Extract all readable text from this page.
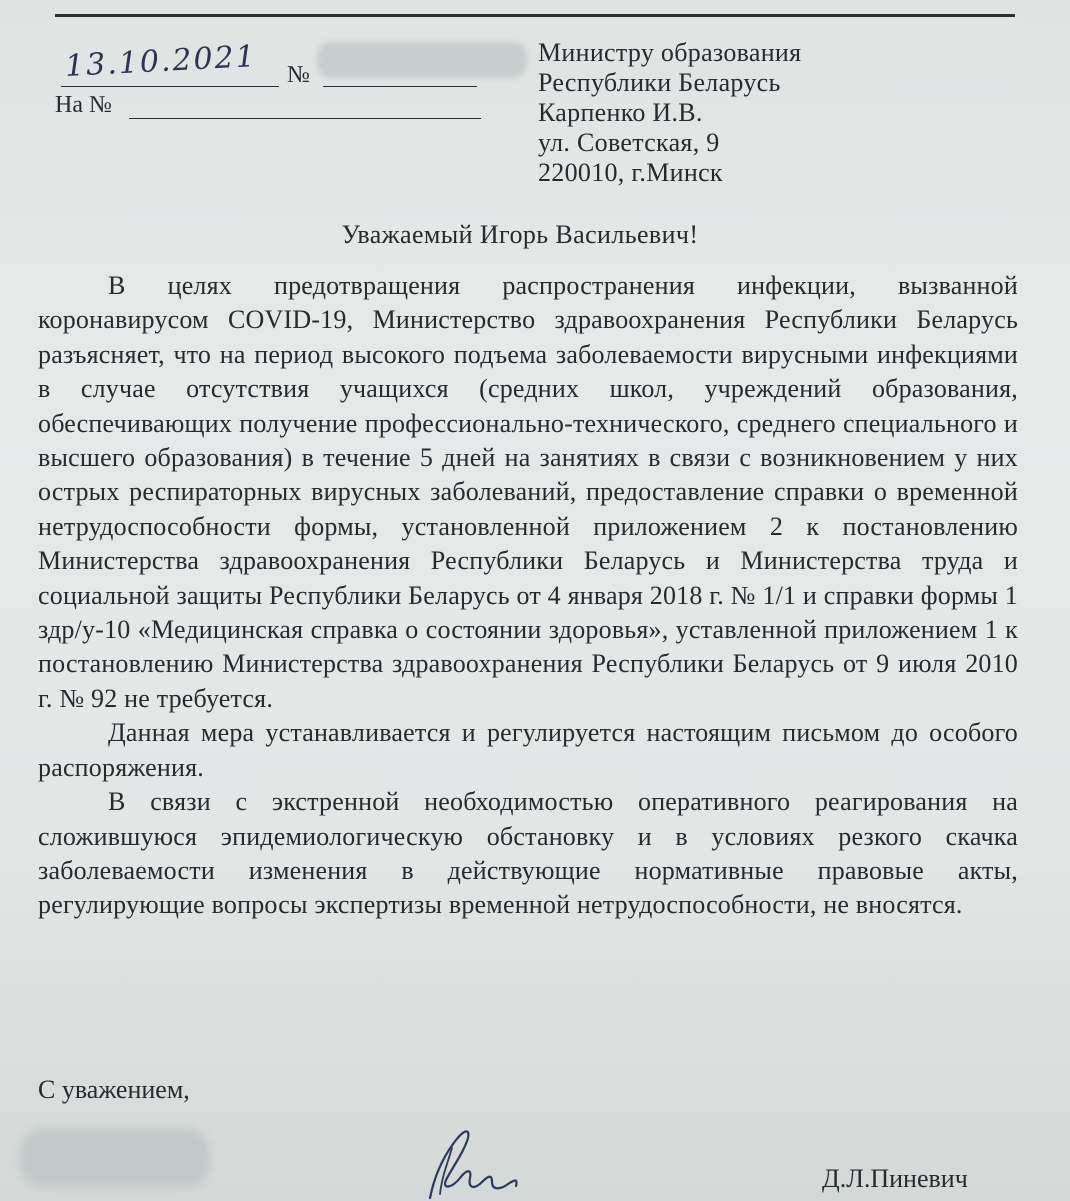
13.10.2021 №
На №
Министру образования
Республики Беларусь
Карпенко И.В.
ул. Советская, 9
220010, г.Минск
Уважаемый Игорь Васильевич!

В целях предотвращения распространения инфекции, вызванной коронавирусом COVID-19, Министерство здравоохранения Республики Беларусь разъясняет, что на период высокого подъема заболеваемости вирусными инфекциями в случае отсутствия учащихся (средних школ, учреждений образования, обеспечивающих получение профессионально-технического, среднего специального и высшего образования) в течение 5 дней на занятиях в связи с возникновением у них острых респираторных вирусных заболеваний, предоставление справки о временной нетрудоспособности формы, установленной приложением 2 к постановлению Министерства здравоохранения Республики Беларусь и Министерства труда и социальной защиты Республики Беларусь от 4 января 2018 г. № 1/1 и справки формы 1 здр/у-10 «Медицинская справка о состоянии здоровья», уставленной приложением 1 к постановлению Министерства здравоохранения Республики Беларусь от 9 июля 2010 г. № 92 не требуется.

Данная мера устанавливается и регулируется настоящим письмом до особого распоряжения.

В связи с экстренной необходимостью оперативного реагирования на сложившуюся эпидемиологическую обстановку и в условиях резкого скачка заболеваемости изменения в действующие нормативные правовые акты, регулирующие вопросы экспертизы временной нетрудоспособности, не вносятся.

С уважением,
Д.Л.Пиневич
